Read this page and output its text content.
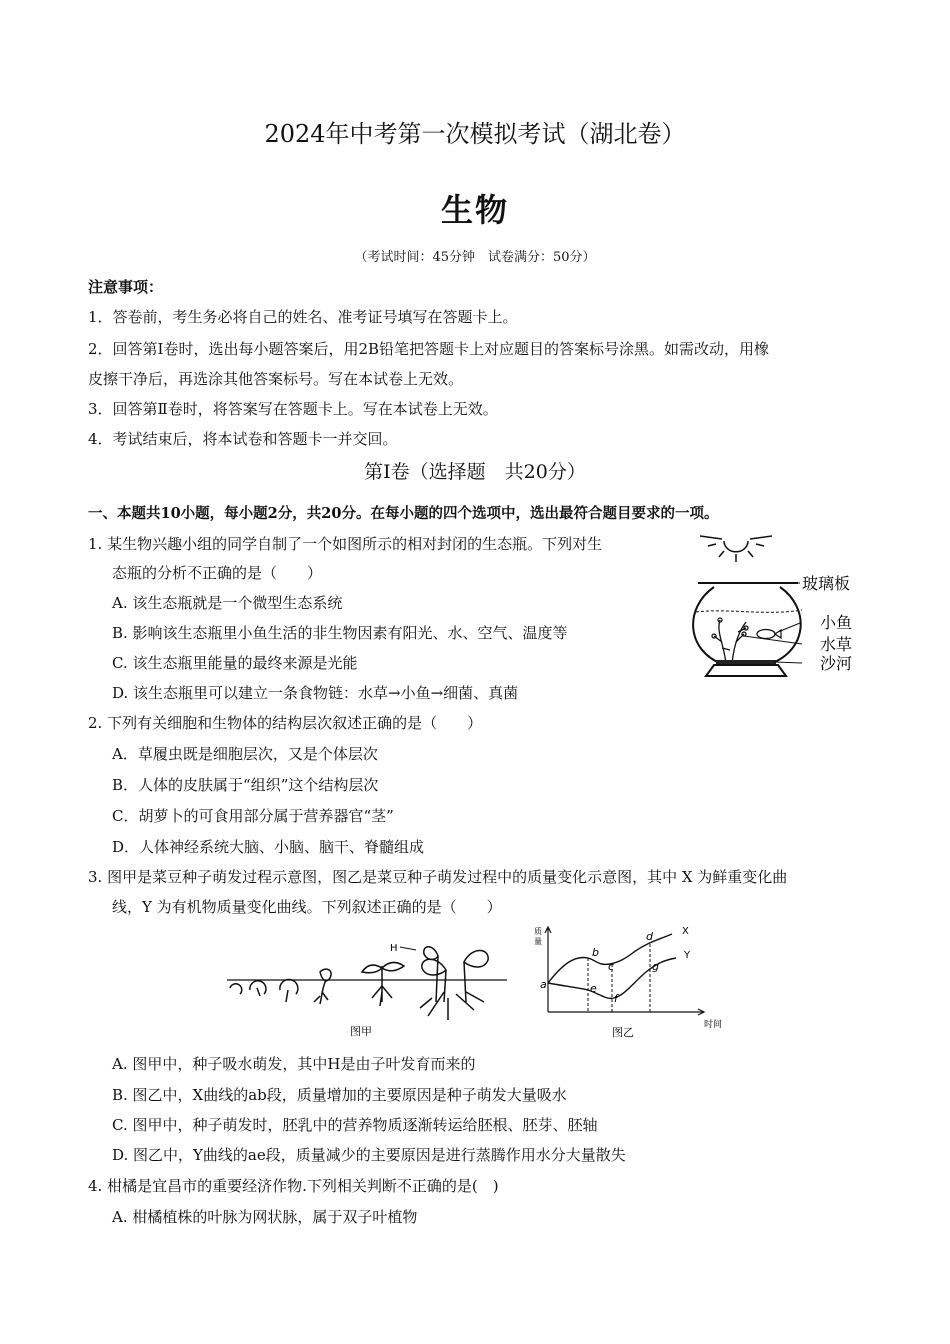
2024年中考第一次模拟考试（湖北卷）
生物
（考试时间：45分钟　试卷满分：50分）
注意事项：
1．答卷前，考生务必将自己的姓名、准考证号填写在答题卡上。
2．回答第Ⅰ卷时，选出每小题答案后，用2B铅笔把答题卡上对应题目的答案标号涂黑。如需改动，用橡
皮擦干净后，再选涂其他答案标号。写在本试卷上无效。
3．回答第Ⅱ卷时，将答案写在答题卡上。写在本试卷上无效。
4．考试结束后，将本试卷和答题卡一并交回。
第Ⅰ卷（选择题　共20分）
一、本题共10小题，每小题2分，共20分。在每小题的四个选项中，选出最符合题目要求的一项。
1. 某生物兴趣小组的同学自制了一个如图所示的相对封闭的生态瓶。下列对生
态瓶的分析不正确的是（　　）
A. 该生态瓶就是一个微型生态系统
B. 影响该生态瓶里小鱼生活的非生物因素有阳光、水、空气、温度等
C. 该生态瓶里能量的最终来源是光能
D. 该生态瓶里可以建立一条食物链：水草→小鱼→细菌、真菌
玻璃板
小鱼
水草
沙河
2. 下列有关细胞和生物体的结构层次叙述正确的是（　　）
A．草履虫既是细胞层次，又是个体层次
B．人体的皮肤属于“组织”这个结构层次
C．胡萝卜的可食用部分属于营养器官“茎”
D．人体神经系统大脑、小脑、脑干、脊髓组成
3. 图甲是菜豆种子萌发过程示意图，图乙是菜豆种子萌发过程中的质量变化示意图，其中 X 为鲜重变化曲
线，Y 为有机物质量变化曲线。下列叙述正确的是（　　）
H
图甲
质
量
时间
X
Y
a
b
c
d
e
f
g
图乙
A. 图甲中，种子吸水萌发，其中H是由子叶发育而来的
B. 图乙中，X曲线的ab段，质量增加的主要原因是种子萌发大量吸水
C. 图甲中，种子萌发时，胚乳中的营养物质逐渐转运给胚根、胚芽、胚轴
D. 图乙中，Y曲线的ae段，质量减少的主要原因是进行蒸腾作用水分大量散失
4. 柑橘是宜昌市的重要经济作物.下列相关判断不正确的是(　)
A. 柑橘植株的叶脉为网状脉，属于双子叶植物
